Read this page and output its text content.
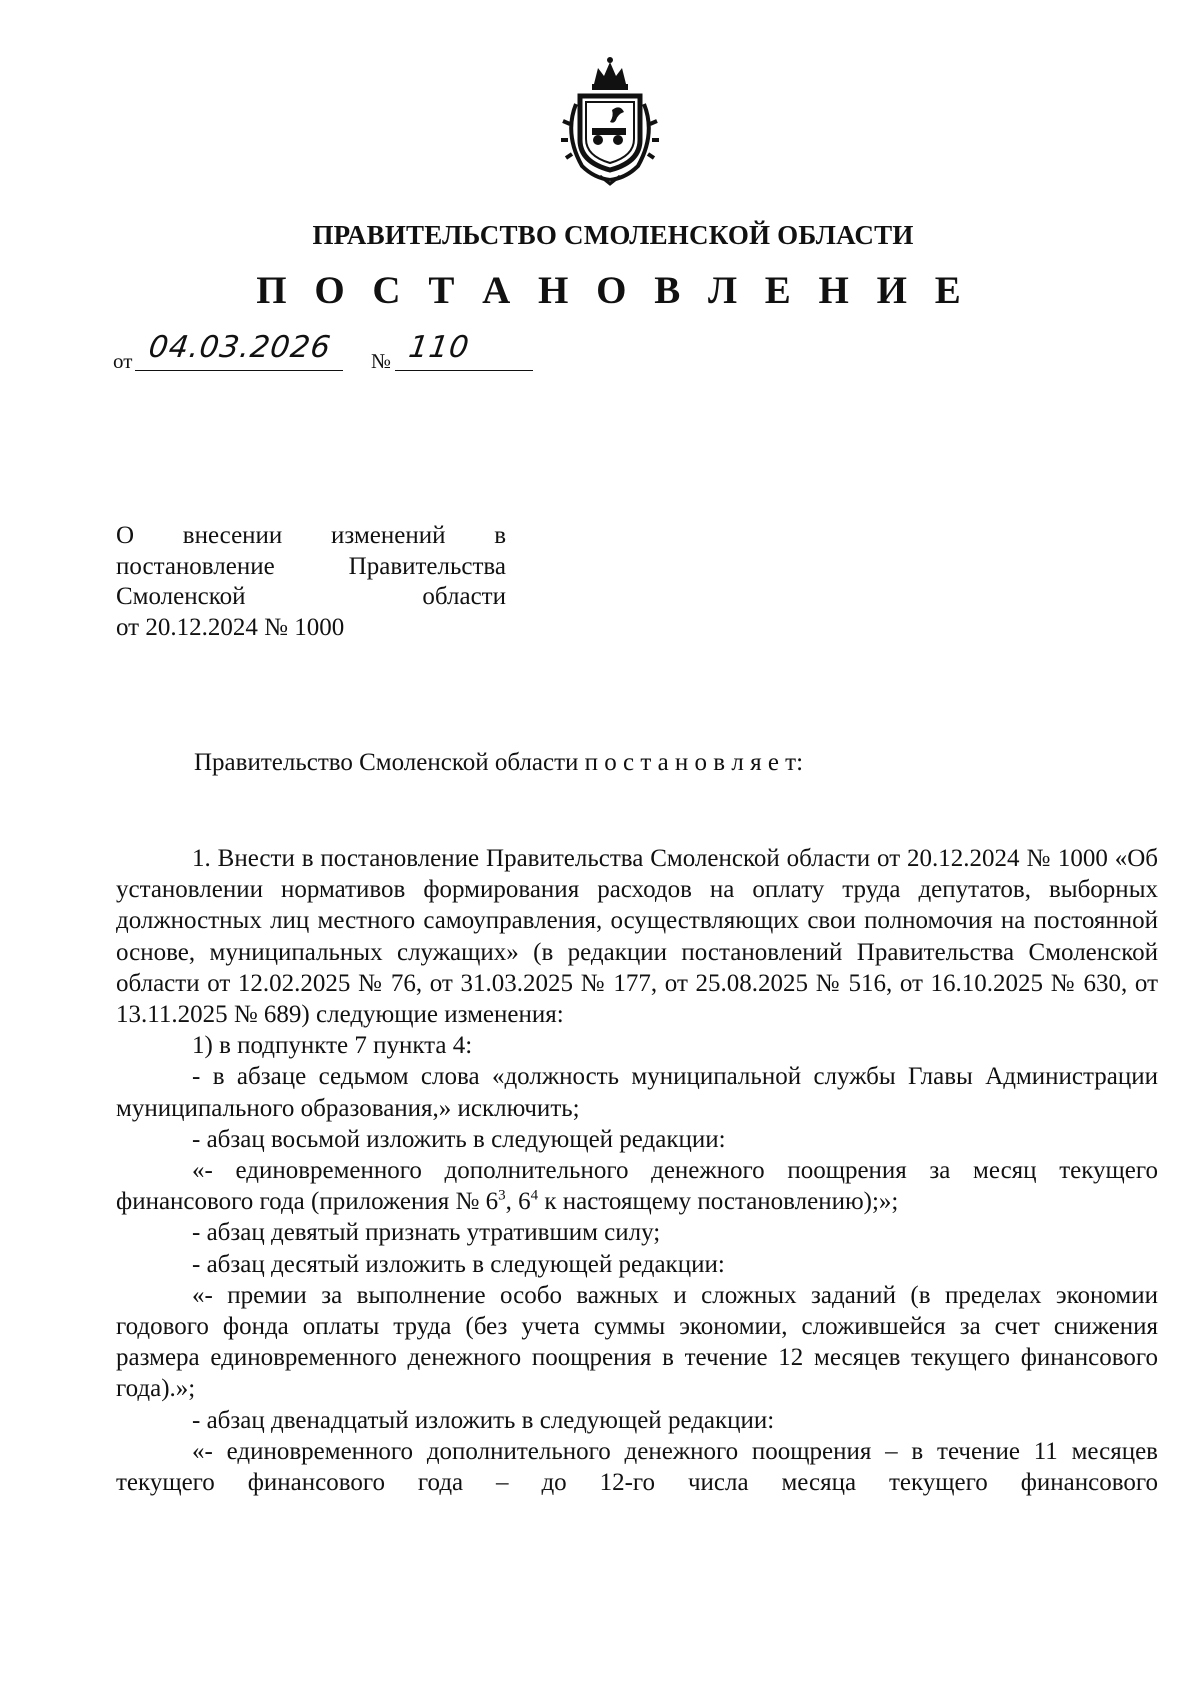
ПРАВИТЕЛЬСТВО СМОЛЕНСКОЙ ОБЛАСТИ
П О С Т А Н О В Л Е Н И Е
от 04.03.2026 № 110
О внесении изменений в
постановление Правительства
Смоленской области
от 20.12.2024 № 1000
Правительство Смоленской области п о с т а н о в л я е т:
1. Внести в постановление Правительства Смоленской области от 20.12.2024 № 1000 «Об установлении нормативов формирования расходов на оплату труда депутатов, выборных должностных лиц местного самоуправления, осуществляющих свои полномочия на постоянной основе, муниципальных служащих» (в редакции постановлений Правительства Смоленской области от 12.02.2025 № 76, от 31.03.2025 № 177, от 25.08.2025 № 516, от 16.10.2025 № 630, от 13.11.2025 № 689) следующие изменения:
1) в подпункте 7 пункта 4:
- в абзаце седьмом слова «должность муниципальной службы Главы Администрации муниципального образования,» исключить;
- абзац восьмой изложить в следующей редакции:
«- единовременного дополнительного денежного поощрения за месяц текущего финансового года (приложения № $6^3$, $6^4$ к настоящему постановлению);»;
- абзац девятый признать утратившим силу;
- абзац десятый изложить в следующей редакции:
«- премии за выполнение особо важных и сложных заданий (в пределах экономии годового фонда оплаты труда (без учета суммы экономии, сложившейся за счет снижения размера единовременного денежного поощрения в течение 12 месяцев текущего финансового года).»;
- абзац двенадцатый изложить в следующей редакции:
«- единовременного дополнительного денежного поощрения – в течение 11 месяцев текущего финансового года – до 12-го числа месяца текущего финансового
